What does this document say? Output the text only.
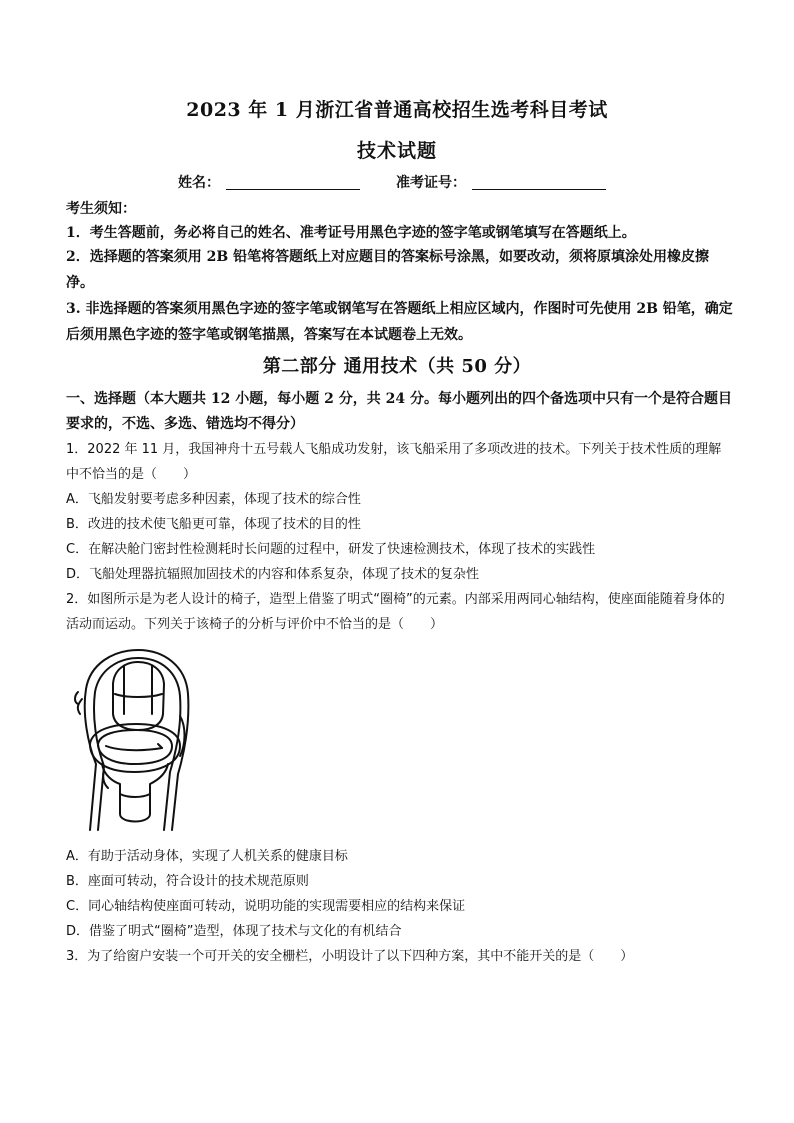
2023 年 1 月浙江省普通高校招生选考科目考试
技术试题
姓名：	准考证号：
考生须知：
1．考生答题前，务必将自己的姓名、准考证号用黑色字迹的签字笔或钢笔填写在答题纸上。
2．选择题的答案须用 2B 铅笔将答题纸上对应题目的答案标号涂黑，如要改动，须将原填涂处用橡皮擦净。
3. 非选择题的答案须用黑色字迹的签字笔或钢笔写在答题纸上相应区域内，作图时可先使用 2B 铅笔，确定后须用黑色字迹的签字笔或钢笔描黑，答案写在本试题卷上无效。
第二部分 通用技术（共 50 分）
一、选择题（本大题共 12 小题，每小题 2 分，共 24 分。每小题列出的四个备选项中只有一个是符合题目要求的，不选、多选、错选均不得分）
1．2022 年 11 月，我国神舟十五号载人飞船成功发射，该飞船采用了多项改进的技术。下列关于技术性质的理解中不恰当的是（　　）
A．飞船发射要考虑多种因素，体现了技术的综合性
B．改进的技术使飞船更可靠，体现了技术的目的性
C．在解决舱门密封性检测耗时长问题的过程中，研发了快速检测技术，体现了技术的实践性
D．飞船处理器抗辐照加固技术的内容和体系复杂，体现了技术的复杂性
2．如图所示是为老人设计的椅子，造型上借鉴了明式“圈椅”的元素。内部采用两同心轴结构，使座面能随着身体的活动而运动。下列关于该椅子的分析与评价中不恰当的是（　　）
A．有助于活动身体，实现了人机关系的健康目标
B．座面可转动，符合设计的技术规范原则
C．同心轴结构使座面可转动，说明功能的实现需要相应的结构来保证
D．借鉴了明式“圈椅”造型，体现了技术与文化的有机结合
3．为了给窗户安装一个可开关的安全栅栏，小明设计了以下四种方案，其中不能开关的是（　　）
